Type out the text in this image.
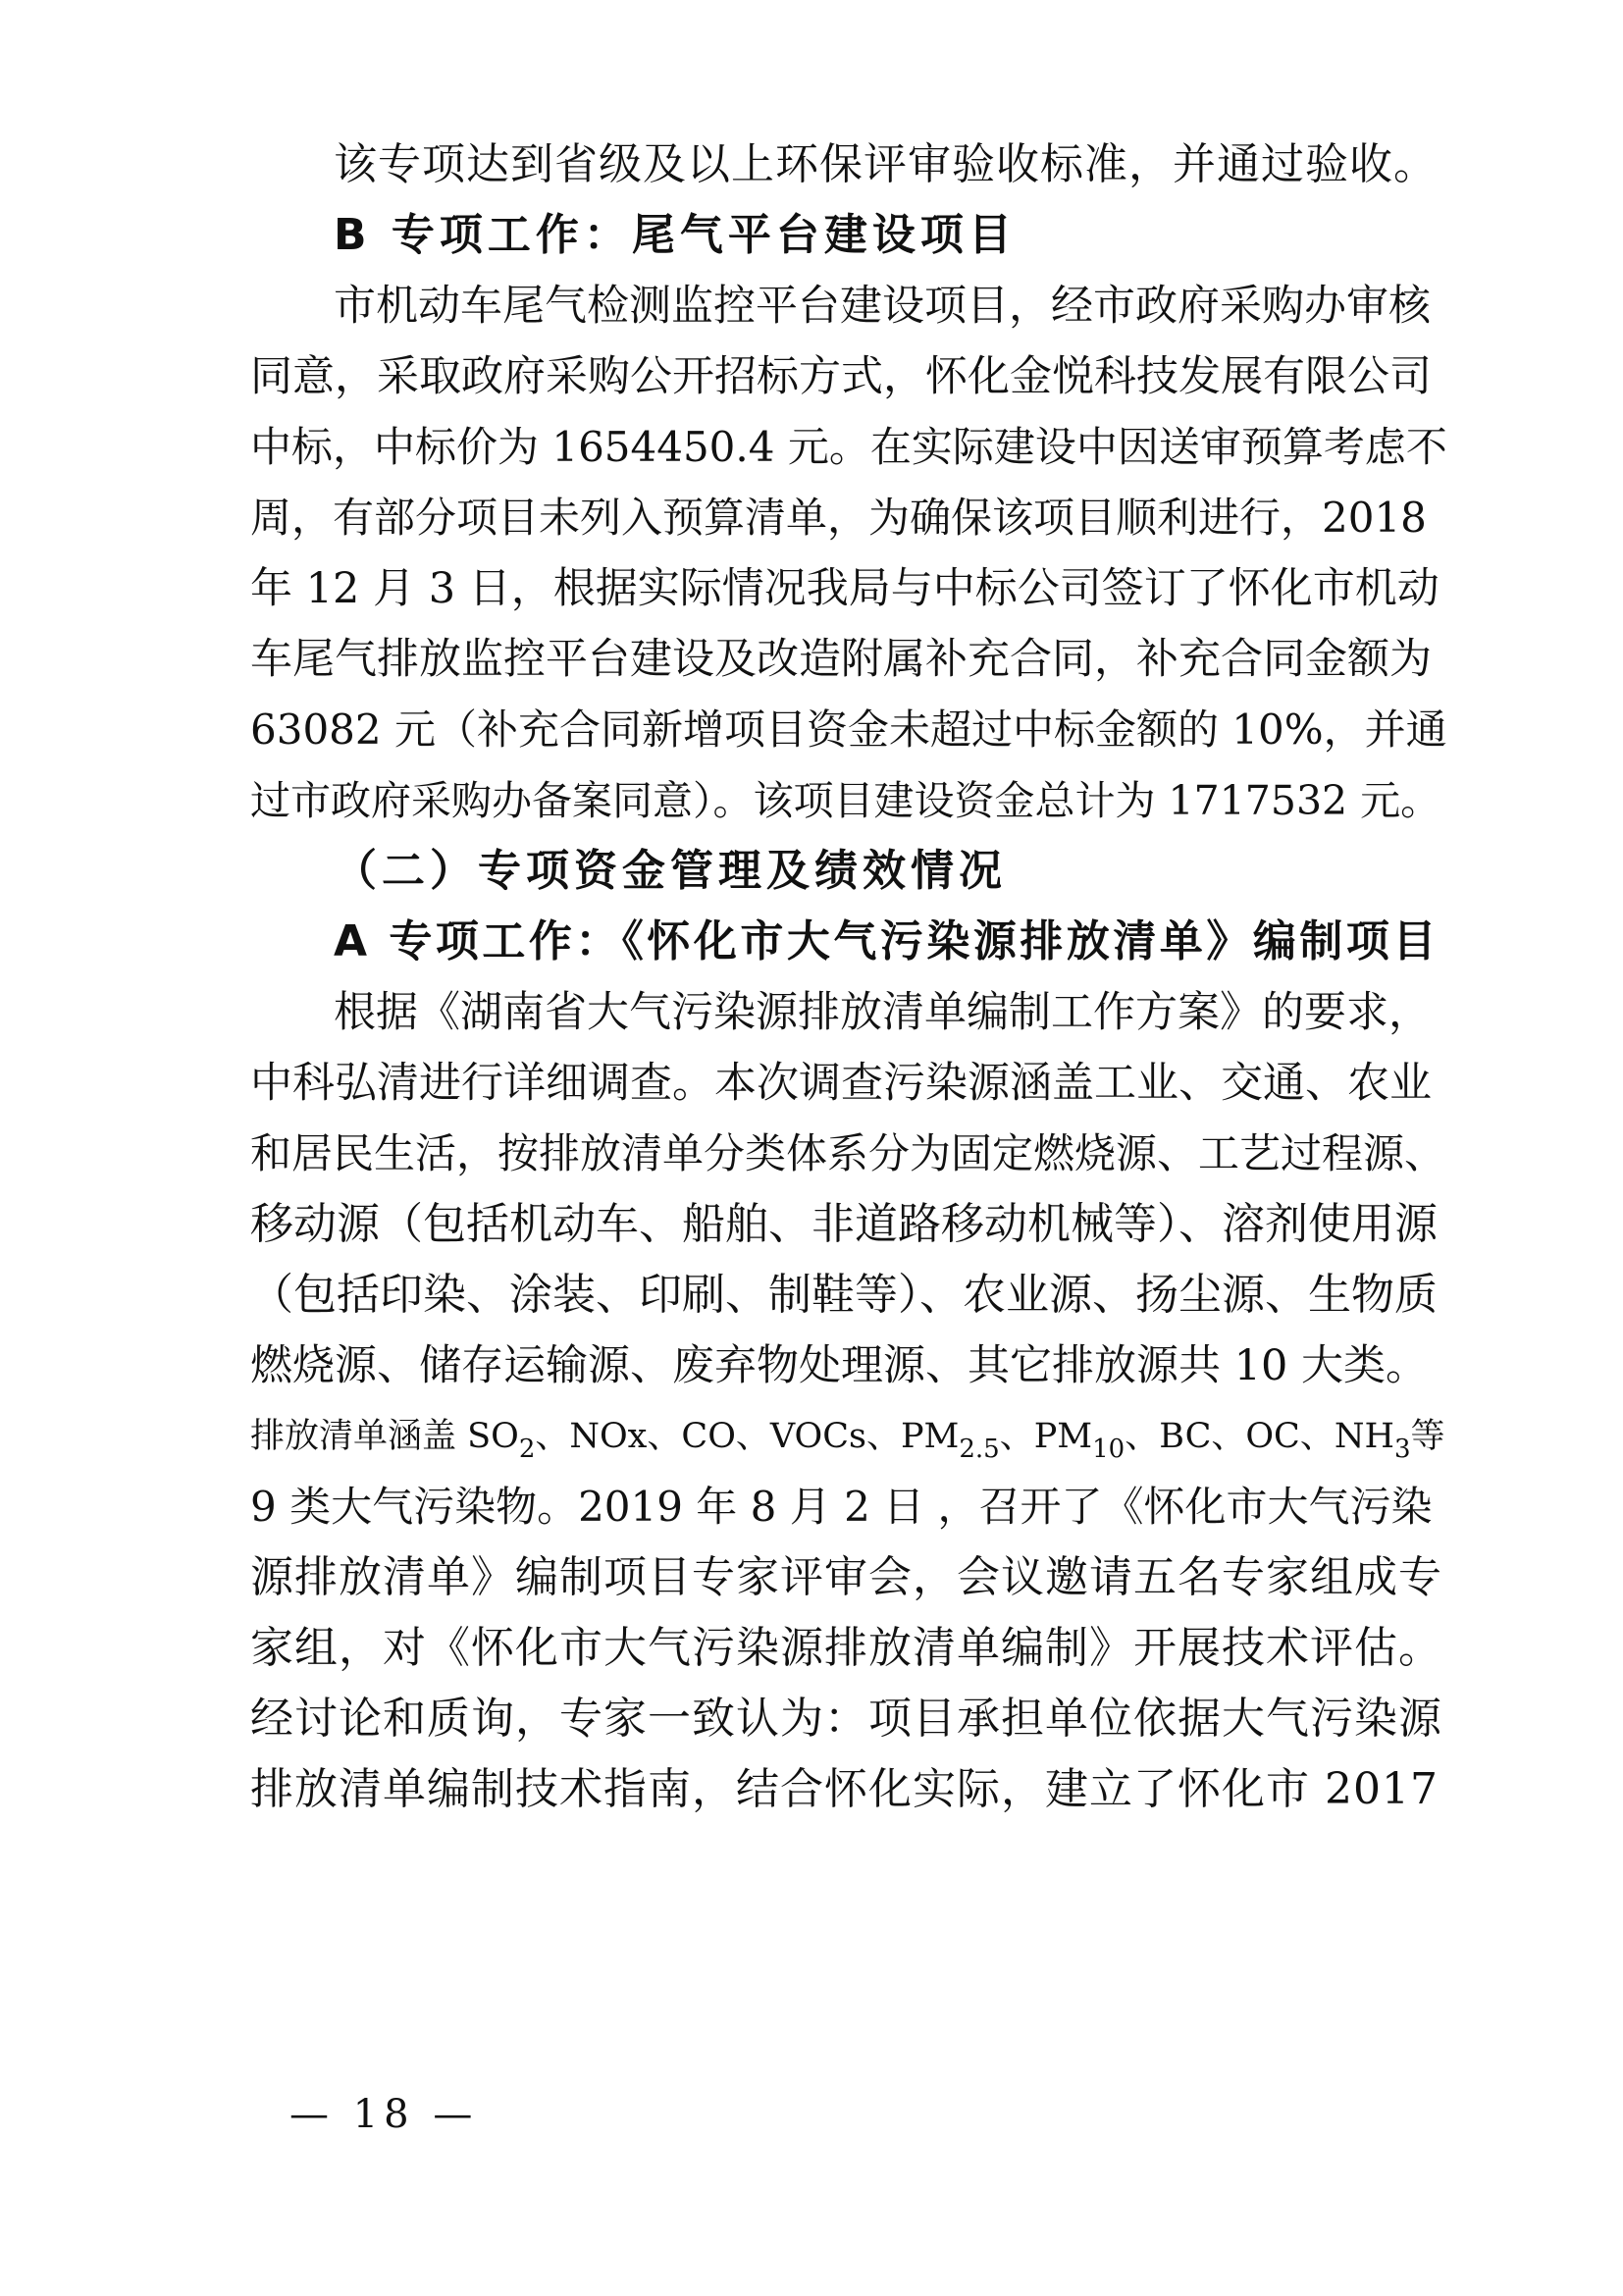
该专项达到省级及以上环保评审验收标准，并通过验收。
B 专项工作：尾气平台建设项目
市机动车尾气检测监控平台建设项目，经市政府采购办审核
同意，采取政府采购公开招标方式，怀化金悦科技发展有限公司
中标，中标价为 1654450.4 元。在实际建设中因送审预算考虑不
周，有部分项目未列入预算清单，为确保该项目顺利进行，2018
年 12 月 3 日，根据实际情况我局与中标公司签订了怀化市机动
车尾气排放监控平台建设及改造附属补充合同，补充合同金额为
63082 元（补充合同新增项目资金未超过中标金额的 10%，并通
过市政府采购办备案同意）。该项目建设资金总计为 1717532 元。
（二）专项资金管理及绩效情况
A 专项工作：《怀化市大气污染源排放清单》编制项目
根据《湖南省大气污染源排放清单编制工作方案》的要求，
中科弘清进行详细调查。本次调查污染源涵盖工业、交通、农业
和居民生活，按排放清单分类体系分为固定燃烧源、工艺过程源、
移动源（包括机动车、船舶、非道路移动机械等）、溶剂使用源
（包括印染、涂装、印刷、制鞋等）、农业源、扬尘源、生物质
燃烧源、储存运输源、废弃物处理源、其它排放源共 10 大类。
排放清单涵盖 $SO_2$、NOx、CO、VOCs、$PM_{2.5}$、$PM_{10}$、BC、OC、$NH_3$等
9 类大气污染物。2019 年 8 月 2 日 ，召开了《怀化市大气污染
源排放清单》编制项目专家评审会，会议邀请五名专家组成专
家组，对《怀化市大气污染源排放清单编制》开展技术评估。
经讨论和质询，专家一致认为：项目承担单位依据大气污染源
排放清单编制技术指南，结合怀化实际，建立了怀化市 2017
— 18 —
